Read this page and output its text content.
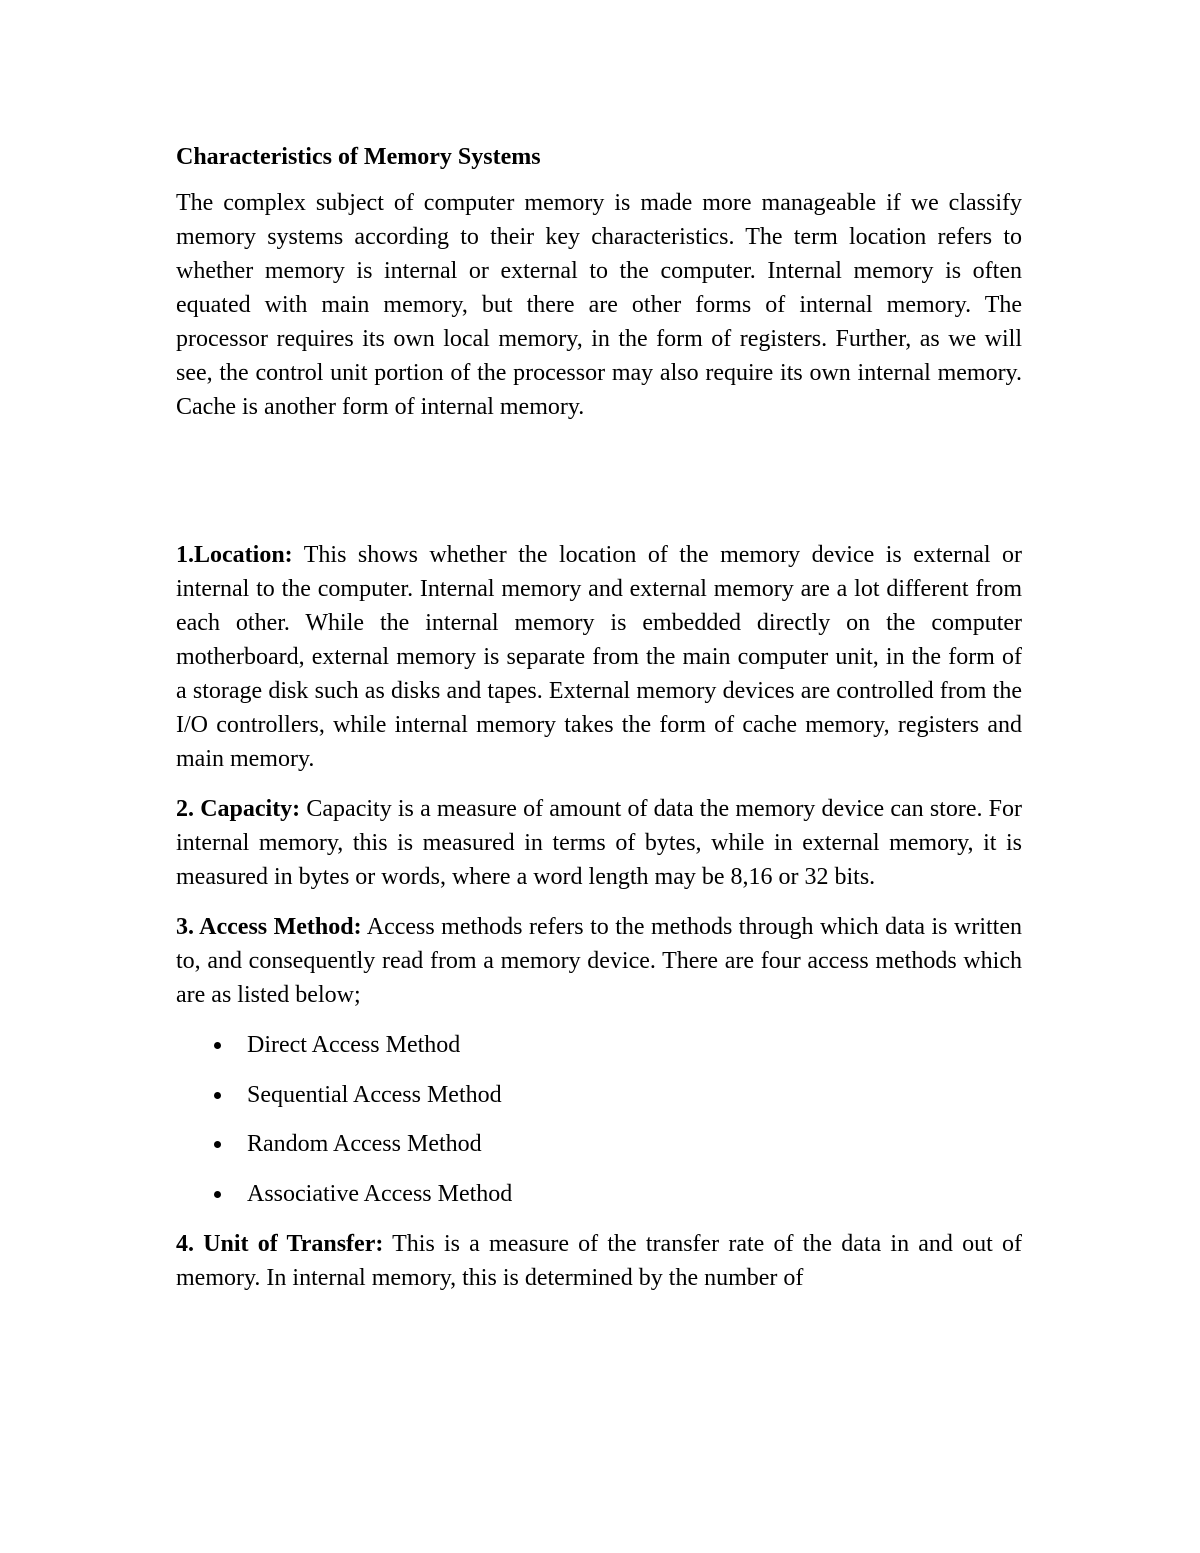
Characteristics of Memory Systems

The complex subject of computer memory is made more manageable if we classify memory systems according to their key characteristics. The term location refers to whether memory is internal or external to the computer. Internal memory is often equated with main memory, but there are other forms of internal memory. The processor requires its own local memory, in the form of registers. Further, as we will see, the control unit portion of the processor may also require its own internal memory. Cache is another form of internal memory.

1.Location: This shows whether the location of the memory device is external or internal to the computer. Internal memory and external memory are a lot different from each other. While the internal memory is embedded directly on the computer motherboard, external memory is separate from the main computer unit, in the form of a storage disk such as disks and tapes. External memory devices are controlled from the I/O controllers, while internal memory takes the form of cache memory, registers and main memory.

2. Capacity: Capacity is a measure of amount of data the memory device can store. For internal memory, this is measured in terms of bytes, while in external memory, it is measured in bytes or words, where a word length may be 8,16 or 32 bits.

3. Access Method: Access methods refers to the methods through which data is written to, and consequently read from a memory device. There are four access methods which are as listed below;

Direct Access Method
Sequential Access Method
Random Access Method
Associative Access Method

4. Unit of Transfer: This is a measure of the transfer rate of the data in and out of memory. In internal memory, this is determined by the number of
